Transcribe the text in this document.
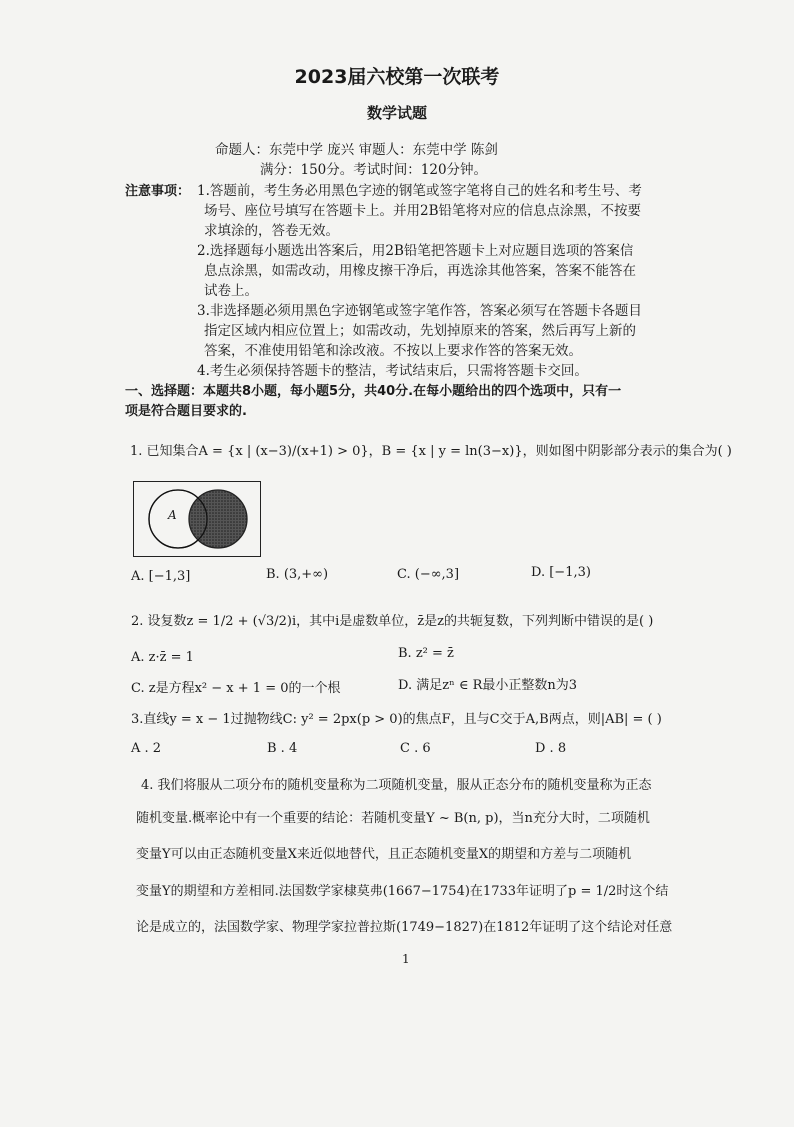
2023届六校第一次联考
数学试题
命题人：东莞中学 庞兴 审题人：东莞中学 陈剑
满分：150分。考试时间：120分钟。
注意事项： 1.答题前，考生务必用黑色字迹的钢笔或签字笔将自己的姓名和考生号、考
场号、座位号填写在答题卡上。并用2B铅笔将对应的信息点涂黑，不按要
求填涂的，答卷无效。
2.选择题每小题选出答案后，用2B铅笔把答题卡上对应题目选项的答案信
息点涂黑，如需改动，用橡皮擦干净后，再选涂其他答案，答案不能答在
试卷上。
3.非选择题必须用黑色字迹钢笔或签字笔作答，答案必须写在答题卡各题目
指定区域内相应位置上；如需改动，先划掉原来的答案，然后再写上新的
答案，不准使用铅笔和涂改液。不按以上要求作答的答案无效。
4.考生必须保持答题卡的整洁，考试结束后，只需将答题卡交回。
一、选择题：本题共8小题，每小题5分，共40分.在每小题给出的四个选项中，只有一
项是符合题目要求的.
1. 已知集合A = {x | (x−3)/(x+1) > 0}，B = {x | y = ln(3−x)}，则如图中阴影部分表示的集合为( )
A
A. [−1,3]	B. (3,+∞)	C. (−∞,3]	D. [−1,3)
2. 设复数z = 1/2 + (√3/2)i，其中i是虚数单位，z̄是z的共轭复数，下列判断中错误的是( )
A. z·z̄ = 1	B. z² = z̄
C. z是方程x² − x + 1 = 0的一个根	D. 满足zⁿ ∈ R最小正整数n为3
3.直线y = x − 1过抛物线C: y² = 2px(p > 0)的焦点F，且与C交于A,B两点，则|AB| = ( )
A . 2	B . 4	C . 6	D . 8
4. 我们将服从二项分布的随机变量称为二项随机变量，服从正态分布的随机变量称为正态
随机变量.概率论中有一个重要的结论：若随机变量Y ~ B(n, p)，当n充分大时，二项随机
变量Y可以由正态随机变量X来近似地替代，且正态随机变量X的期望和方差与二项随机
变量Y的期望和方差相同.法国数学家棣莫弗(1667−1754)在1733年证明了p = 1/2时这个结
论是成立的，法国数学家、物理学家拉普拉斯(1749−1827)在1812年证明了这个结论对任意
1
